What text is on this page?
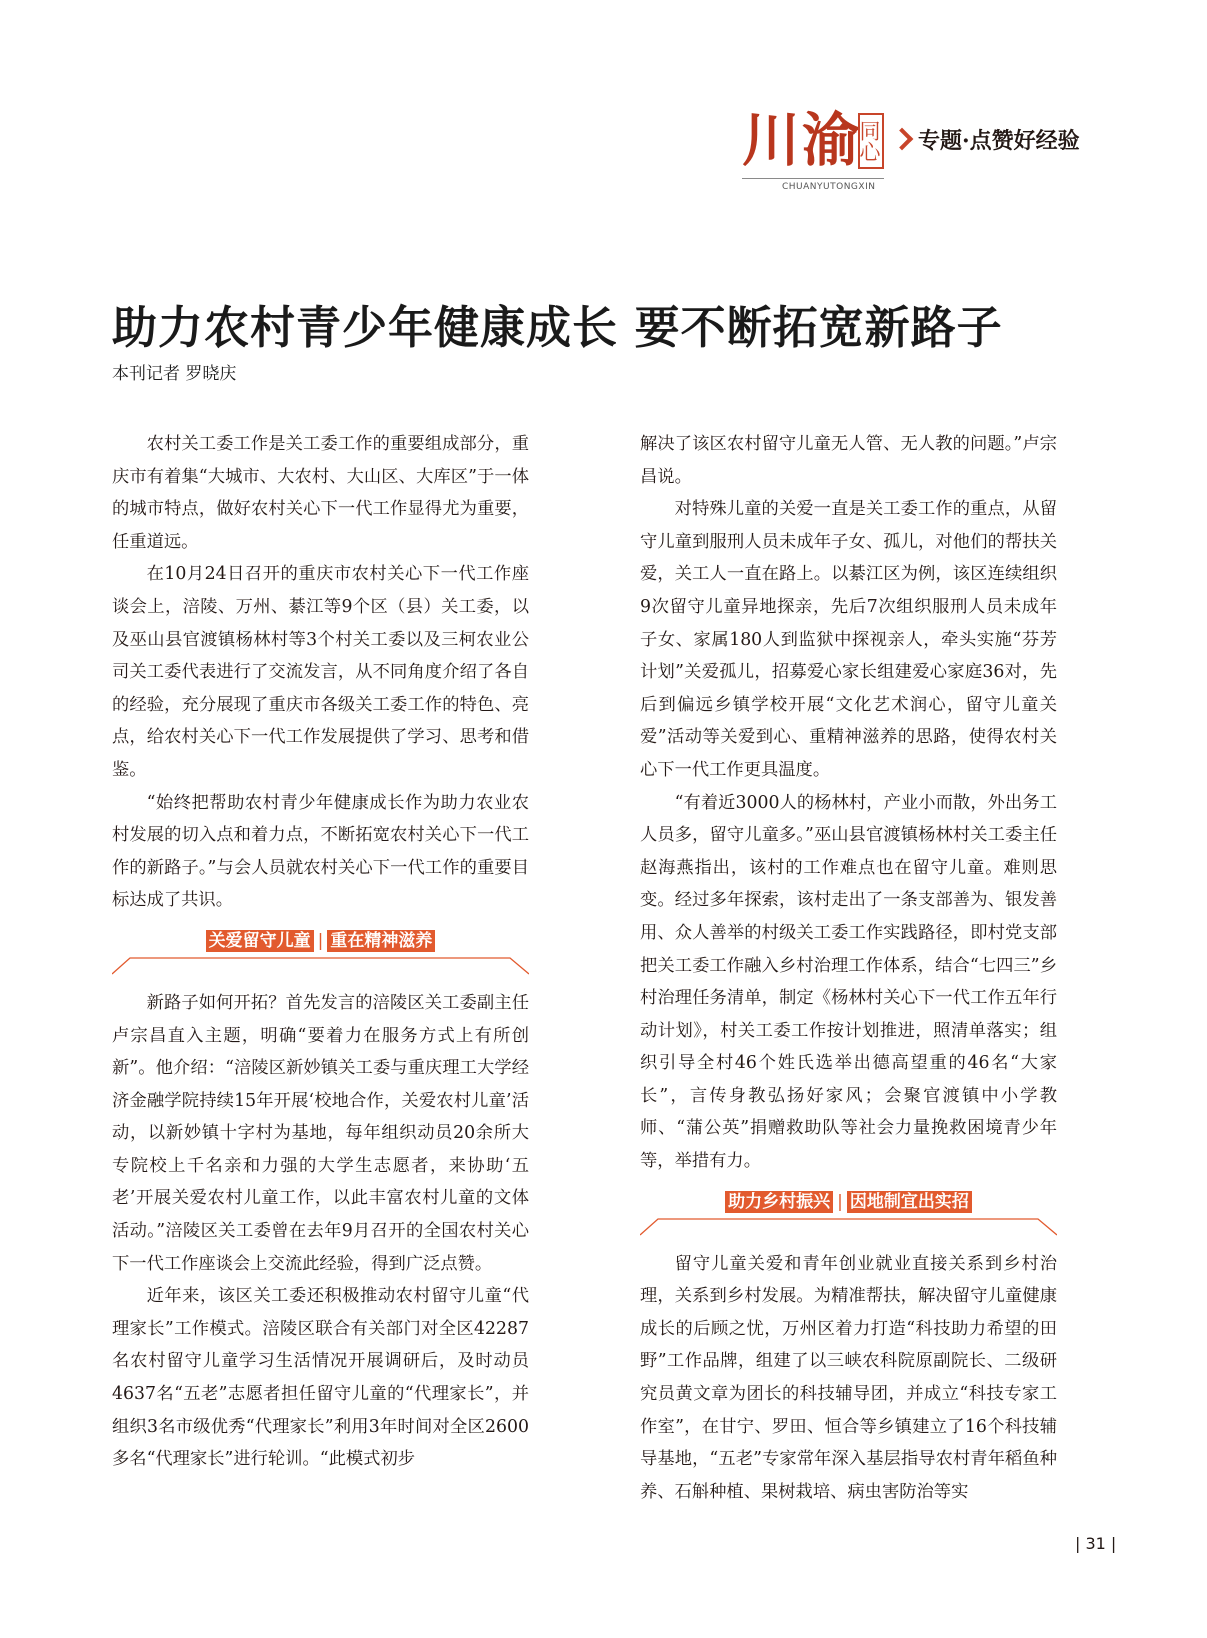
川渝
同心 专题·点赞好经验
CHUANYUTONGXIN
助力农村青少年健康成长 要不断拓宽新路子
本刊记者 罗晓庆

农村关工委工作是关工委工作的重要组成部分，重庆市有着集“大城市、大农村、大山区、大库区”于一体的城市特点，做好农村关心下一代工作显得尤为重要，任重道远。

在10月24日召开的重庆市农村关心下一代工作座谈会上，涪陵、万州、綦江等9个区（县）关工委，以及巫山县官渡镇杨林村等3个村关工委以及三柯农业公司关工委代表进行了交流发言，从不同角度介绍了各自的经验，充分展现了重庆市各级关工委工作的特色、亮点，给农村关心下一代工作发展提供了学习、思考和借鉴。

“始终把帮助农村青少年健康成长作为助力农业农村发展的切入点和着力点，不断拓宽农村关心下一代工作的新路子。”与会人员就农村关心下一代工作的重要目标达成了共识。

关爱留守儿童 | 重在精神滋养

新路子如何开拓？首先发言的涪陵区关工委副主任卢宗昌直入主题，明确“要着力在服务方式上有所创新”。他介绍：“涪陵区新妙镇关工委与重庆理工大学经济金融学院持续15年开展‘校地合作，关爱农村儿童’活动，以新妙镇十字村为基地，每年组织动员20余所大专院校上千名亲和力强的大学生志愿者，来协助‘五老’开展关爱农村儿童工作，以此丰富农村儿童的文体活动。”涪陵区关工委曾在去年9月召开的全国农村关心下一代工作座谈会上交流此经验，得到广泛点赞。

近年来，该区关工委还积极推动农村留守儿童“代理家长”工作模式。涪陵区联合有关部门对全区42287名农村留守儿童学习生活情况开展调研后，及时动员4637名“五老”志愿者担任留守儿童的“代理家长”，并组织3名市级优秀“代理家长”利用3年时间对全区2600多名“代理家长”进行轮训。“此模式初步

解决了该区农村留守儿童无人管、无人教的问题。”卢宗昌说。

对特殊儿童的关爱一直是关工委工作的重点，从留守儿童到服刑人员未成年子女、孤儿，对他们的帮扶关爱，关工人一直在路上。以綦江区为例，该区连续组织9次留守儿童异地探亲，先后7次组织服刑人员未成年子女、家属180人到监狱中探视亲人，牵头实施“芬芳计划”关爱孤儿，招募爱心家长组建爱心家庭36对，先后到偏远乡镇学校开展“文化艺术润心，留守儿童关爱”活动等关爱到心、重精神滋养的思路，使得农村关心下一代工作更具温度。

“有着近3000人的杨林村，产业小而散，外出务工人员多，留守儿童多。”巫山县官渡镇杨林村关工委主任赵海燕指出，该村的工作难点也在留守儿童。难则思变。经过多年探索，该村走出了一条支部善为、银发善用、众人善举的村级关工委工作实践路径，即村党支部把关工委工作融入乡村治理工作体系，结合“七四三”乡村治理任务清单，制定《杨林村关心下一代工作五年行动计划》，村关工委工作按计划推进，照清单落实；组织引导全村46个姓氏选举出德高望重的46名“大家长”，言传身教弘扬好家风；会聚官渡镇中小学教师、“蒲公英”捐赠救助队等社会力量挽救困境青少年等，举措有力。

助力乡村振兴 | 因地制宜出实招

留守儿童关爱和青年创业就业直接关系到乡村治理，关系到乡村发展。为精准帮扶，解决留守儿童健康成长的后顾之忧，万州区着力打造“科技助力希望的田野”工作品牌，组建了以三峡农科院原副院长、二级研究员黄文章为团长的科技辅导团，并成立“科技专家工作室”，在甘宁、罗田、恒合等乡镇建立了16个科技辅导基地，“五老”专家常年深入基层指导农村青年稻鱼种养、石斛种植、果树栽培、病虫害防治等实

| 31 |
